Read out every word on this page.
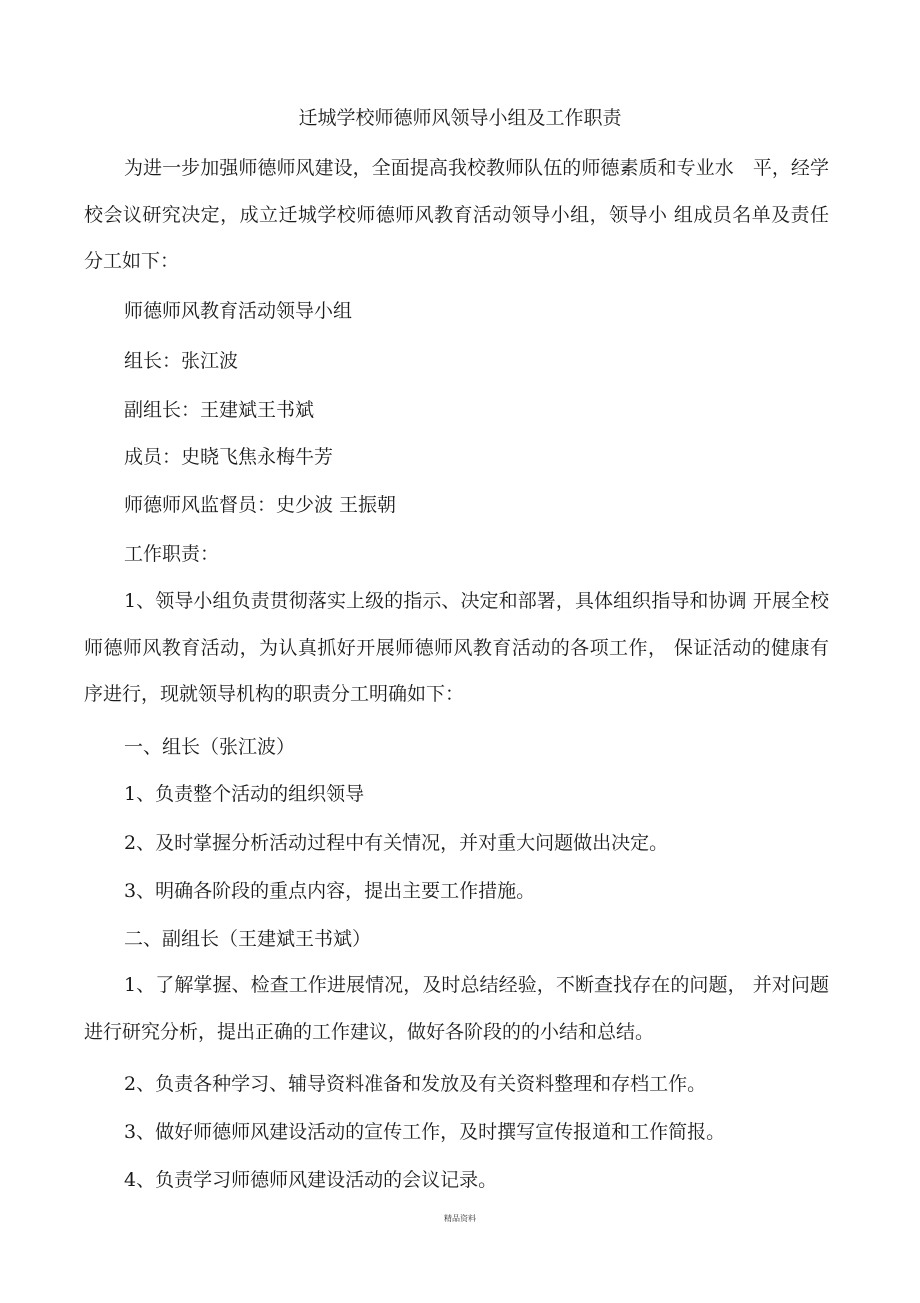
迁城学校师德师风领导小组及工作职责
为进一步加强师德师风建设，全面提高我校教师队伍的师德素质和专业水　平，经学校会议研究决定，成立迁城学校师德师风教育活动领导小组，领导小 组成员名单及责任分工如下：
师德师风教育活动领导小组
组长：张江波
副组长：王建斌王书斌
成员：史晓飞焦永梅牛芳
师德师风监督员：史少波 王振朝
工作职责：
1、领导小组负责贯彻落实上级的指示、决定和部署，具体组织指导和协调 开展全校师德师风教育活动，为认真抓好开展师德师风教育活动的各项工作， 保证活动的健康有序进行，现就领导机构的职责分工明确如下：
一、组长（张江波）
1、负责整个活动的组织领导
2、及时掌握分析活动过程中有关情况，并对重大问题做出决定。
3、明确各阶段的重点内容，提出主要工作措施。
二、副组长（王建斌王书斌）
1、了解掌握、检查工作进展情况，及时总结经验，不断查找存在的问题， 并对问题进行研究分析，提出正确的工作建议，做好各阶段的的小结和总结。
2、负责各种学习、辅导资料准备和发放及有关资料整理和存档工作。
3、做好师德师风建设活动的宣传工作，及时撰写宣传报道和工作简报。
4、负责学习师德师风建设活动的会议记录。
精品资料
